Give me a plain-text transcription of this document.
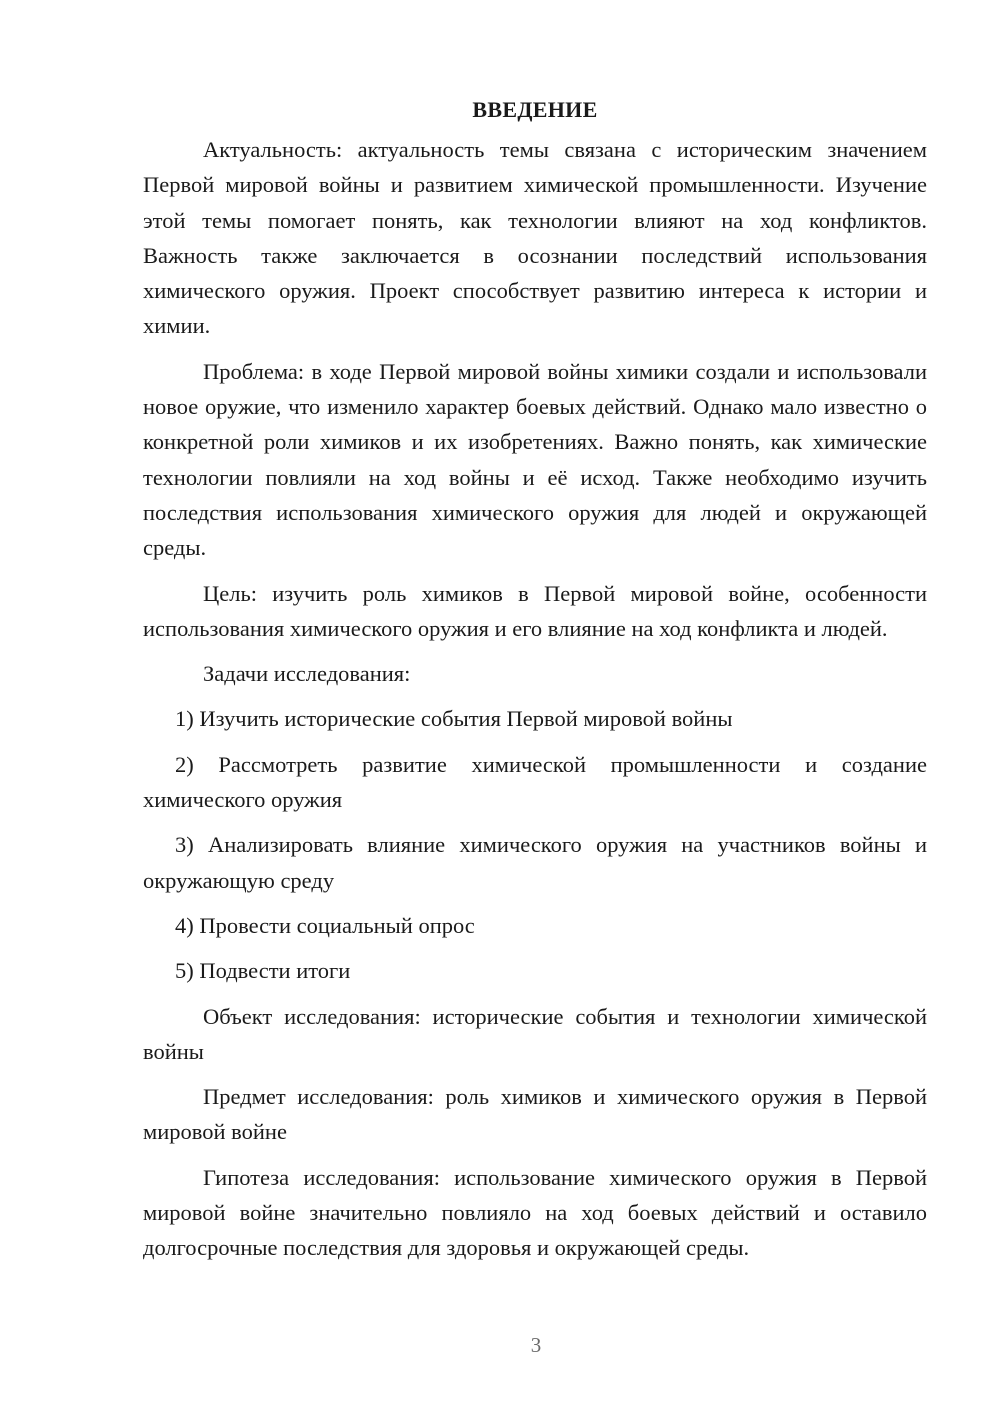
ВВЕДЕНИЕ

Актуальность: актуальность темы связана с историческим значением Первой мировой войны и развитием химической промышленности. Изучение этой темы помогает понять, как технологии влияют на ход конфликтов. Важность также заключается в осознании последствий использования химического оружия. Проект способствует развитию интереса к истории и химии.

Проблема: в ходе Первой мировой войны химики создали и использовали новое оружие, что изменило характер боевых действий. Однако мало известно о конкретной роли химиков и их изобретениях. Важно понять, как химические технологии повлияли на ход войны и её исход. Также необходимо изучить последствия использования химического оружия для людей и окружающей среды.

Цель: изучить роль химиков в Первой мировой войне, особенности использования химического оружия и его влияние на ход конфликта и людей.

Задачи исследования:

1) Изучить исторические события Первой мировой войны

2) Рассмотреть развитие химической промышленности и создание химического оружия

3) Анализировать влияние химического оружия на участников войны и окружающую среду

4) Провести социальный опрос

5) Подвести итоги

Объект исследования: исторические события и технологии химической войны

Предмет исследования: роль химиков и химического оружия в Первой мировой войне

Гипотеза исследования: использование химического оружия в Первой мировой войне значительно повлияло на ход боевых действий и оставило долгосрочные последствия для здоровья и окружающей среды.

3
